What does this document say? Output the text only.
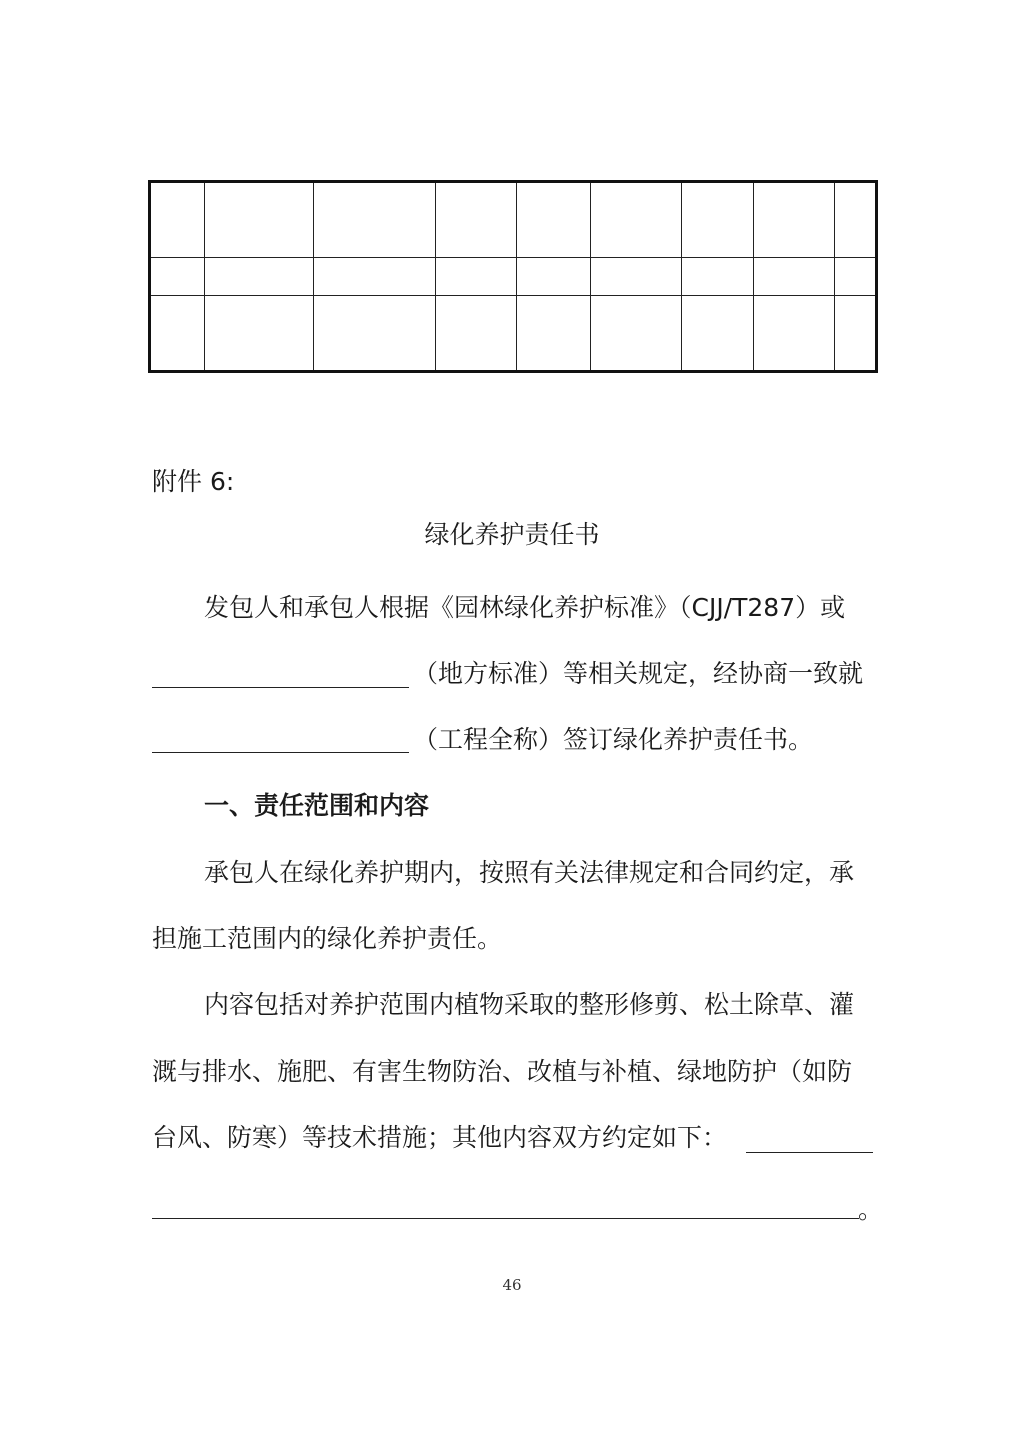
附件 6:
绿化养护责任书
发包人和承包人根据《园林绿化养护标准》（CJJ/T287）或
（地方标准）等相关规定，经协商一致就
（工程全称）签订绿化养护责任书。
一、责任范围和内容
承包人在绿化养护期内，按照有关法律规定和合同约定，承
担施工范围内的绿化养护责任。
内容包括对养护范围内植物采取的整形修剪、松土除草、灌
溉与排水、施肥、有害生物防治、改植与补植、绿地防护（如防
台风、防寒）等技术措施；其他内容双方约定如下：
。
46
